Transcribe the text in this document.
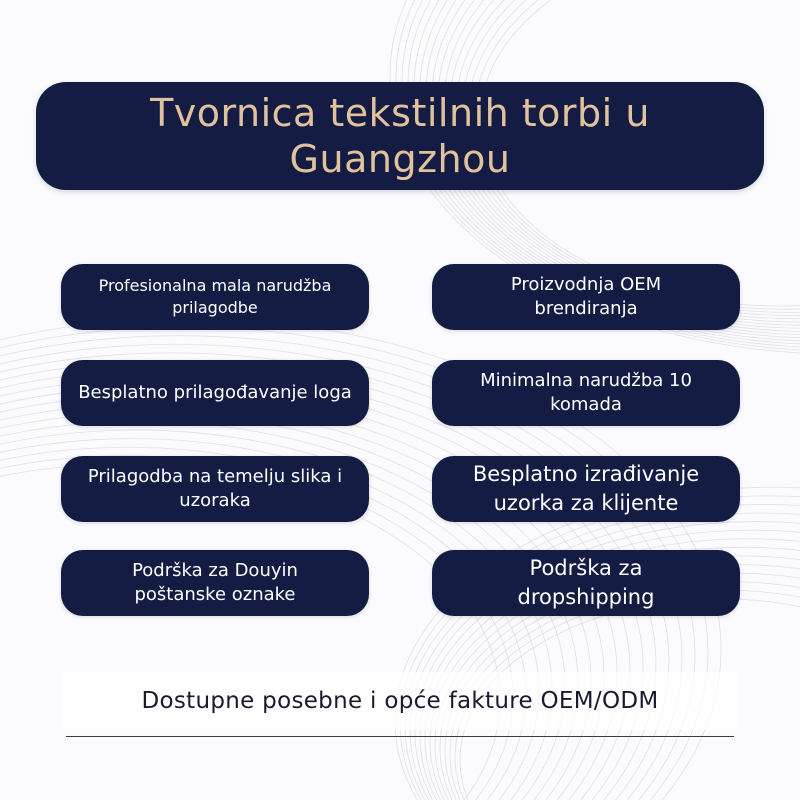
Tvornica tekstilnih torbi u Guangzhou
Profesionalna mala narudžba prilagodbe
Proizvodnja OEM brendiranja
Besplatno prilagođavanje loga
Minimalna narudžba 10 komada
Prilagodba na temelju slika i uzoraka
Besplatno izrađivanje uzorka za klijente
Podrška za Douyin poštanske oznake
Podrška za dropshipping
Dostupne posebne i opće fakture OEM/ODM
